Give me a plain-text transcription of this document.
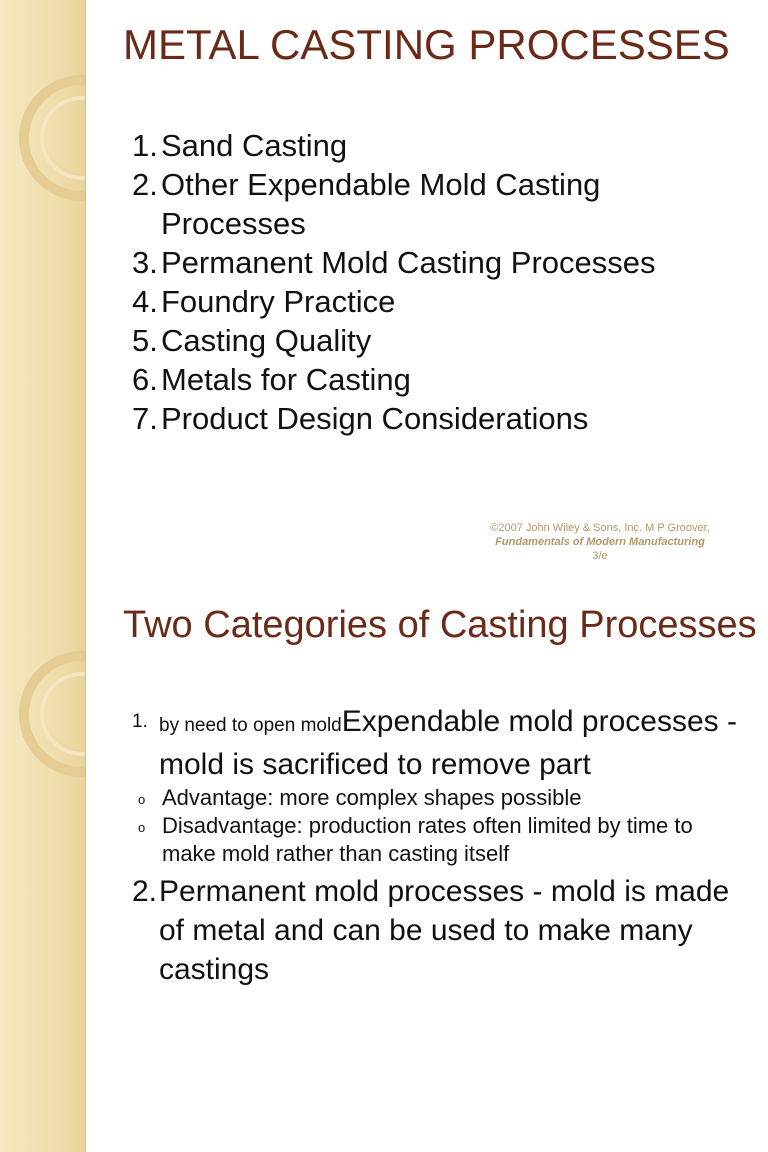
METAL CASTING PROCESSES
1. Sand Casting
2. Other Expendable Mold Casting Processes
3. Permanent Mold Casting Processes
4. Foundry Practice
5. Casting Quality
6. Metals for Casting
7. Product Design Considerations
©2007 John Wiley & Sons, Inc. M P Groover, Fundamentals of Modern Manufacturing 3/e
Two Categories of Casting Processes
1. by need to open moldExpendable mold processes - mold is sacrificed to remove part
o Advantage: more complex shapes possible
o Disadvantage: production rates often limited by time to make mold rather than casting itself
2. Permanent mold processes - mold is made of metal and can be used to make many castings
